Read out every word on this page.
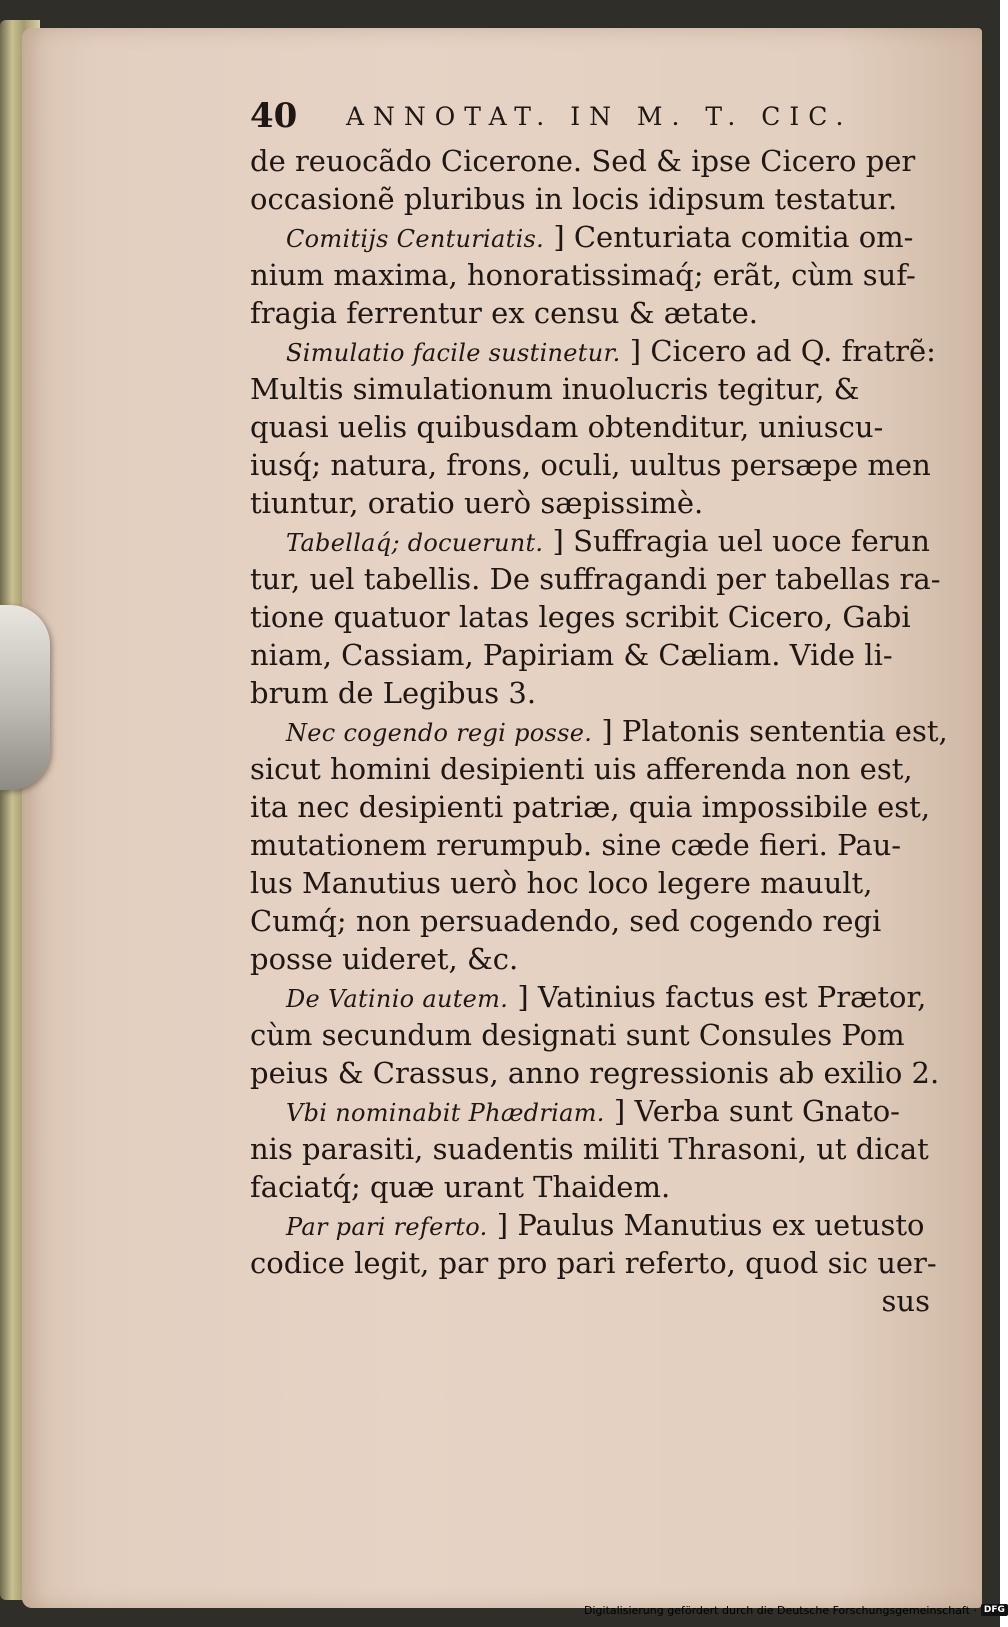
40 ANNOTAT. IN M. T. CIC.
de reuocãdo Cicerone. Sed & ipse Cicero per
occasionẽ pluribus in locis idipsum testatur.
Comitijs Centuriatis. ] Centuriata comitia om-
nium maxima, honoratissimaq́; erãt, cùm suf-
fragia ferrentur ex censu & ætate.
Simulatio facile sustinetur. ] Cicero ad Q. fratrẽ:
Multis simulationum inuolucris tegitur, &
quasi uelis quibusdam obtenditur, uniuscu-
iusq́; natura, frons, oculi, uultus persæpe men
tiuntur, oratio uerò sæpissimè.
Tabellaq́; docuerunt. ] Suffragia uel uoce ferun
tur, uel tabellis. De suffragandi per tabellas ra-
tione quatuor latas leges scribit Cicero, Gabi
niam, Cassiam, Papiriam & Cæliam. Vide li-
brum de Legibus 3.
Nec cogendo regi posse. ] Platonis sententia est,
sicut homini desipienti uis afferenda non est,
ita nec desipienti patriæ, quia impossibile est,
mutationem rerumpub. sine cæde fieri. Pau-
lus Manutius uerò hoc loco legere mauult,
Cumq́; non persuadendo, sed cogendo regi
posse uideret, &c.
De Vatinio autem. ] Vatinius factus est Prætor,
cùm secundum designati sunt Consules Pom
peius & Crassus, anno regressionis ab exilio 2.
Vbi nominabit Phædriam. ] Verba sunt Gnato-
nis parasiti, suadentis militi Thrasoni, ut dicat
faciatq́; quæ urant Thaidem.
Par pari referto. ] Paulus Manutius ex uetusto
codice legit, par pro pari referto, quod sic uer-
sus
Digitalisierung gefördert durch die Deutsche Forschungsgemeinschaft · DFG
